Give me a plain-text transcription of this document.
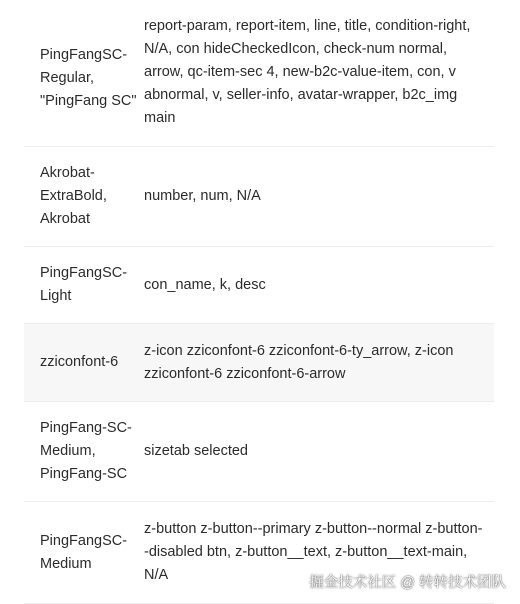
PingFangSC-Regular, "PingFang SC"
report-param, report-item, line, title, condition-right, N/A, con hideCheckedIcon, check-num normal, arrow, qc-item-sec 4, new-b2c-value-item, con, v abnormal, v, seller-info, avatar-wrapper, b2c_img main
Akrobat-ExtraBold, Akrobat
number, num, N/A
PingFangSC-Light
con_name, k, desc
zziconfont-6
z-icon zziconfont-6 zziconfont-6-ty_arrow, z-icon zziconfont-6 zziconfont-6-arrow
PingFang-SC-Medium, PingFang-SC
sizetab selected
PingFangSC-Medium
z-button z-button--primary z-button--normal z-button--disabled btn, z-button__text, z-button__text-main, N/A	掘金技术社区 @ 转转技术团队
